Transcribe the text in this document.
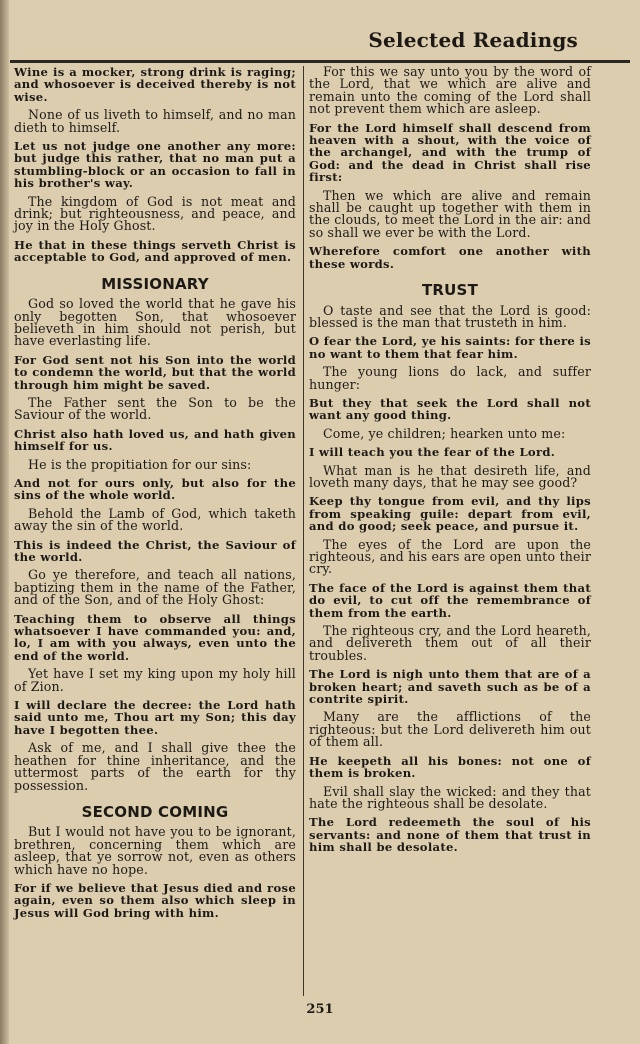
Selected Readings

Wine is a mocker, strong drink is raging; and whosoever is deceived thereby is not wise.

None of us liveth to himself, and no man dieth to himself.

Let us not judge one another any more: but judge this rather, that no man put a stumbling-block or an occasion to fall in his brother's way.

The kingdom of God is not meat and drink; but righteousness, and peace, and joy in the Holy Ghost.

He that in these things serveth Christ is acceptable to God, and approved of men.

MISSIONARY

God so loved the world that he gave his only begotten Son, that whosoever believeth in him should not perish, but have everlasting life.

For God sent not his Son into the world to condemn the world, but that the world through him might be saved.

The Father sent the Son to be the Saviour of the world.

Christ also hath loved us, and hath given himself for us.

He is the propitiation for our sins:

And not for ours only, but also for the sins of the whole world.

Behold the Lamb of God, which taketh away the sin of the world.

This is indeed the Christ, the Saviour of the world.

Go ye therefore, and teach all nations, baptizing them in the name of the Father, and of the Son, and of the Holy Ghost:

Teaching them to observe all things whatsoever I have commanded you: and, lo, I am with you always, even unto the end of the world.

Yet have I set my king upon my holy hill of Zion.

I will declare the decree: the Lord hath said unto me, Thou art my Son; this day have I begotten thee.

Ask of me, and I shall give thee the heathen for thine inheritance, and the uttermost parts of the earth for thy possession.

SECOND COMING

But I would not have you to be ignorant, brethren, concerning them which are asleep, that ye sorrow not, even as others which have no hope.

For if we believe that Jesus died and rose again, even so them also which sleep in Jesus will God bring with him.

For this we say unto you by the word of the Lord, that we which are alive and remain unto the coming of the Lord shall not prevent them which are asleep.

For the Lord himself shall descend from heaven with a shout, with the voice of the archangel, and with the trump of God: and the dead in Christ shall rise first:

Then we which are alive and remain shall be caught up together with them in the clouds, to meet the Lord in the air: and so shall we ever be with the Lord.

Wherefore comfort one another with these words.

TRUST

O taste and see that the Lord is good: blessed is the man that trusteth in him.

O fear the Lord, ye his saints: for there is no want to them that fear him.

The young lions do lack, and suffer hunger:

But they that seek the Lord shall not want any good thing.

Come, ye children; hearken unto me:

I will teach you the fear of the Lord.

What man is he that desireth life, and loveth many days, that he may see good?

Keep thy tongue from evil, and thy lips from speaking guile: depart from evil, and do good; seek peace, and pursue it.

The eyes of the Lord are upon the righteous, and his ears are open unto their cry.

The face of the Lord is against them that do evil, to cut off the remembrance of them from the earth.

The righteous cry, and the Lord heareth, and delivereth them out of all their troubles.

The Lord is nigh unto them that are of a broken heart; and saveth such as be of a contrite spirit.

Many are the afflictions of the righteous: but the Lord delivereth him out of them all.

He keepeth all his bones: not one of them is broken.

Evil shall slay the wicked: and they that hate the righteous shall be desolate.

The Lord redeemeth the soul of his servants: and none of them that trust in him shall be desolate.

251
